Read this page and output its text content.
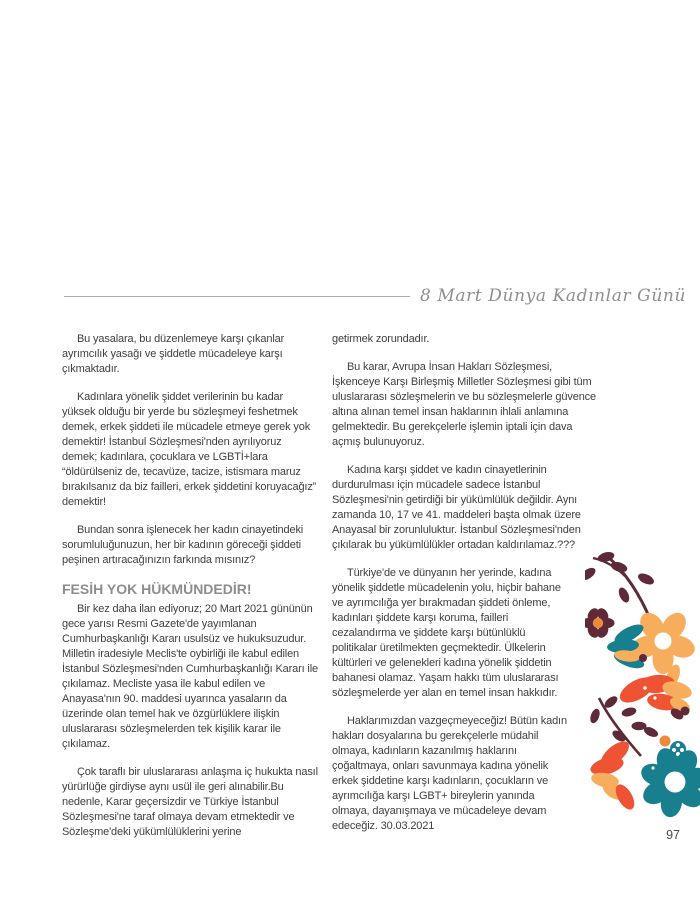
8 Mart Dünya Kadınlar Günü

Bu yasalara, bu düzenlemeye karşı çıkanlar ayrımcılık yasağı ve şiddetle mücadeleye karşı çıkmaktadır.

Kadınlara yönelik şiddet verilerinin bu kadar yüksek olduğu bir yerde bu sözleşmeyi feshetmek demek, erkek şiddeti ile mücadele etmeye gerek yok demektir! İstanbul Sözleşmesi'nden ayrılıyoruz demek; kadınlara, çocuklara ve LGBTİ+lara “öldürülseniz de, tecavüze, tacize, istismara maruz bırakılsanız da biz failleri, erkek şiddetini koruyacağız” demektir!

Bundan sonra işlenecek her kadın cinayetindeki sorumluluğunuzun, her bir kadının göreceği şiddeti peşinen artıracağınızın farkında mısınız?

FESİH YOK HÜKMÜNDEDİR!

Bir kez daha ilan ediyoruz; 20 Mart 2021 gününün gece yarısı Resmi Gazete'de yayımlanan Cumhurbaşkanlığı Kararı usulsüz ve hukuksuzudur. Milletin iradesiyle Meclis'te oybirliği ile kabul edilen İstanbul Sözleşmesi'nden Cumhurbaşkanlığı Kararı ile çıkılamaz. Mecliste yasa ile kabul edilen ve Anayasa'nın 90. maddesi uyarınca yasaların da üzerinde olan temel hak ve özgürlüklere ilişkin uluslararası sözleşmelerden tek kişilik karar ile çıkılamaz.

Çok taraflı bir uluslararası anlaşma iç hukukta nasıl yürürlüğe girdiyse aynı usül ile geri alınabilir.Bu nedenle, Karar geçersizdir ve Türkiye İstanbul Sözleşmesi'ne taraf olmaya devam etmektedir ve Sözleşme'deki yükümlülüklerini yerine

getirmek zorundadır.

Bu karar, Avrupa İnsan Hakları Sözleşmesi, İşkenceye Karşı Birleşmiş Milletler Sözleşmesi gibi tüm uluslararası sözleşmelerin ve bu sözleşmelerle güvence altına alınan temel insan haklarının ihlali anlamına gelmektedir. Bu gerekçelerle işlemin iptali için dava açmış bulunuyoruz.

Kadına karşı şiddet ve kadın cinayetlerinin durdurulması için mücadele sadece İstanbul Sözleşmesi'nin getirdiği bir yükümlülük değildir. Aynı zamanda 10, 17 ve 41. maddeleri başta olmak üzere Anayasal bir zorunluluktur. İstanbul Sözleşmesi'nden çıkılarak bu yükümlülükler ortadan kaldırılamaz.???

Türkiye'de ve dünyanın her yerinde, kadına yönelik şiddetle mücadelenin yolu, hiçbir bahane ve ayrımcılığa yer bırakmadan şiddeti önleme, kadınları şiddete karşı koruma, failleri cezalandırma ve şiddete karşı bütünlüklü politikalar üretilmekten geçmektedir. Ülkelerin kültürleri ve gelenekleri kadına yönelik şiddetin bahanesi olamaz. Yaşam hakkı tüm uluslararası sözleşmelerde yer alan en temel insan hakkıdır.

Haklarımızdan vazgeçmeyeceğiz! Bütün kadın hakları dosyalarına bu gerekçelerle müdahil olmaya, kadınların kazanılmış haklarını çoğaltmaya, onları savunmaya kadına yönelik erkek şiddetine karşı kadınların, çocukların ve ayrımcılığa karşı LGBT+ bireylerin yanında olmaya, dayanışmaya ve mücadeleye devam edeceğiz. 30.03.2021

97
